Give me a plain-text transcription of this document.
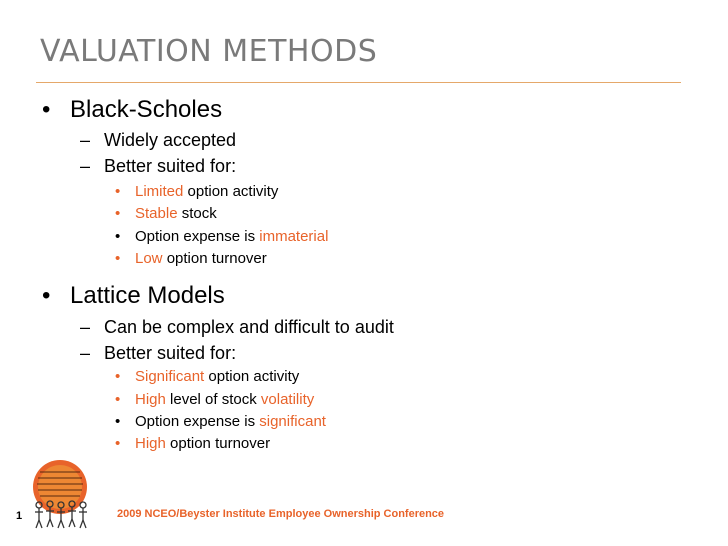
VALUATION METHODS
• Black-Scholes
– Widely accepted
– Better suited for:
• Limited option activity
• Stable stock
• Option expense is immaterial
• Low option turnover
• Lattice Models
– Can be complex and difficult to audit
– Better suited for:
• Significant option activity
• High level of stock volatility
• Option expense is significant
• High option turnover
1	2009 NCEO/Beyster Institute Employee Ownership Conference
